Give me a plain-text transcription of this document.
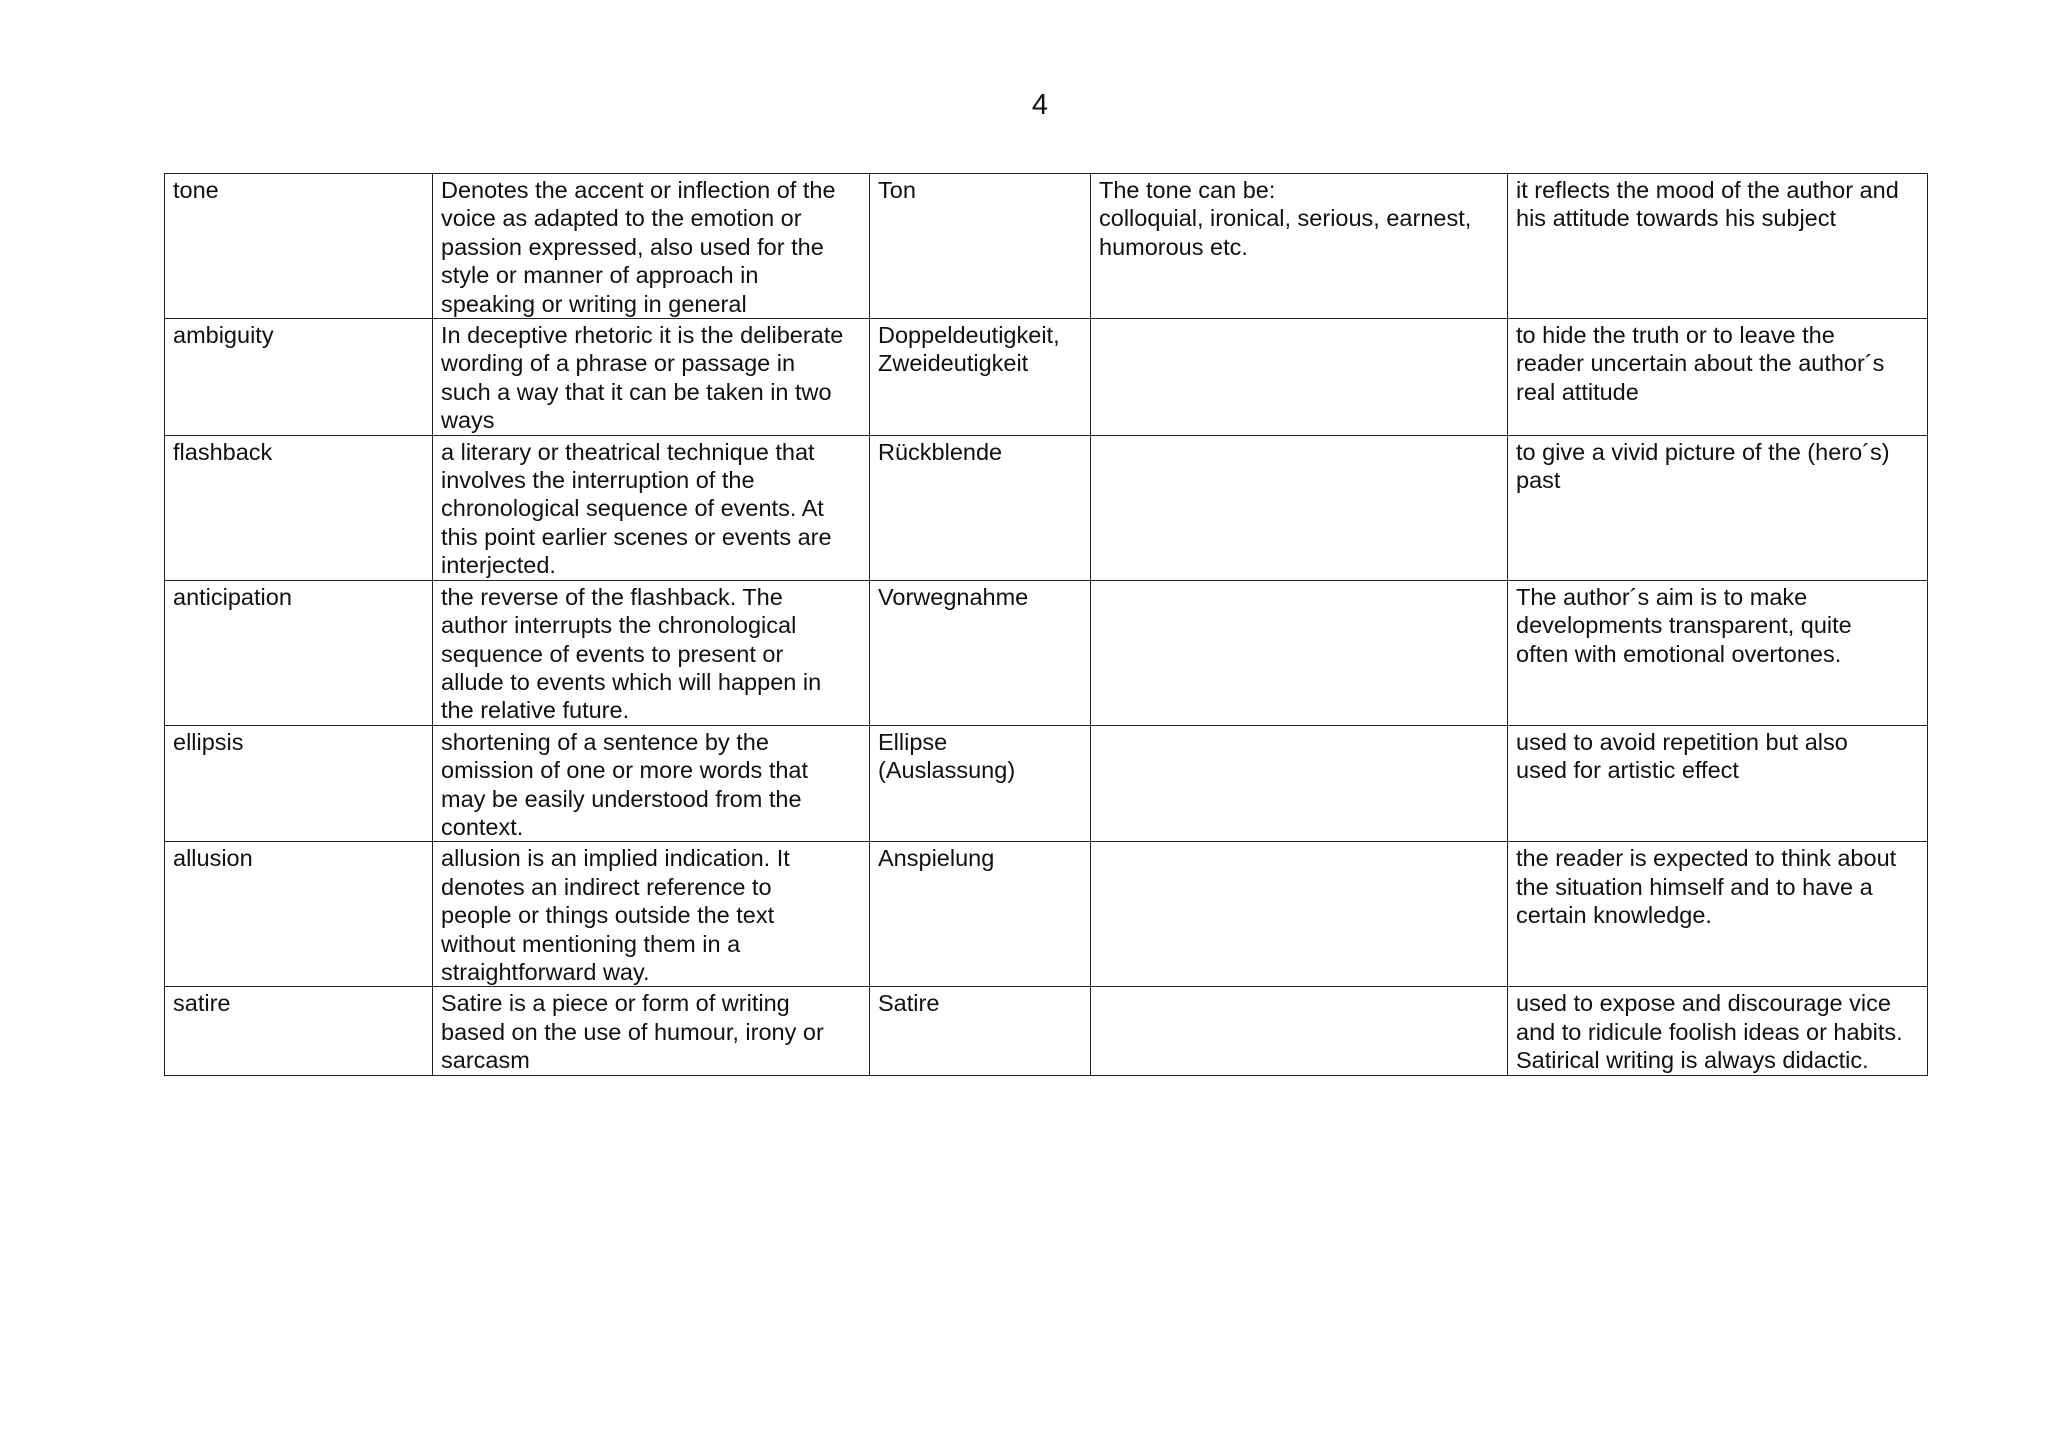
4
tone	Denotes the accent or inflection of the
voice as adapted to the emotion or
passion expressed, also used for the
style or manner of approach in
speaking or writing in general	Ton	The tone can be:
colloquial, ironical, serious, earnest,
humorous etc.	it reflects the mood of the author and
his attitude towards his subject

ambiguity	In deceptive rhetoric it is the deliberate
wording of a phrase or passage in
such a way that it can be taken in two
ways	Doppeldeutigkeit,
Zweideutigkeit		to hide the truth or to leave the
reader uncertain about the author´s
real attitude

flashback	a literary or theatrical technique that
involves the interruption of the
chronological sequence of events. At
this point earlier scenes or events are
interjected.	Rückblende		to give a vivid picture of the (hero´s)
past

anticipation	the reverse of the flashback. The
author interrupts the chronological
sequence of events to present or
allude to events which will happen in
the relative future.	Vorwegnahme		The author´s aim is to make
developments transparent, quite
often with emotional overtones.

ellipsis	shortening of a sentence by the
omission of one or more words that
may be easily understood from the
context.	Ellipse
(Auslassung)		used to avoid repetition but also
used for artistic effect

allusion	allusion is an implied indication. It
denotes an indirect reference to
people or things outside the text
without mentioning them in a
straightforward way.	Anspielung		the reader is expected to think about
the situation himself and to have a
certain knowledge.

satire	Satire is a piece or form of writing
based on the use of humour, irony or
sarcasm	Satire		used to expose and discourage vice
and to ridicule foolish ideas or habits.
Satirical writing is always didactic.
